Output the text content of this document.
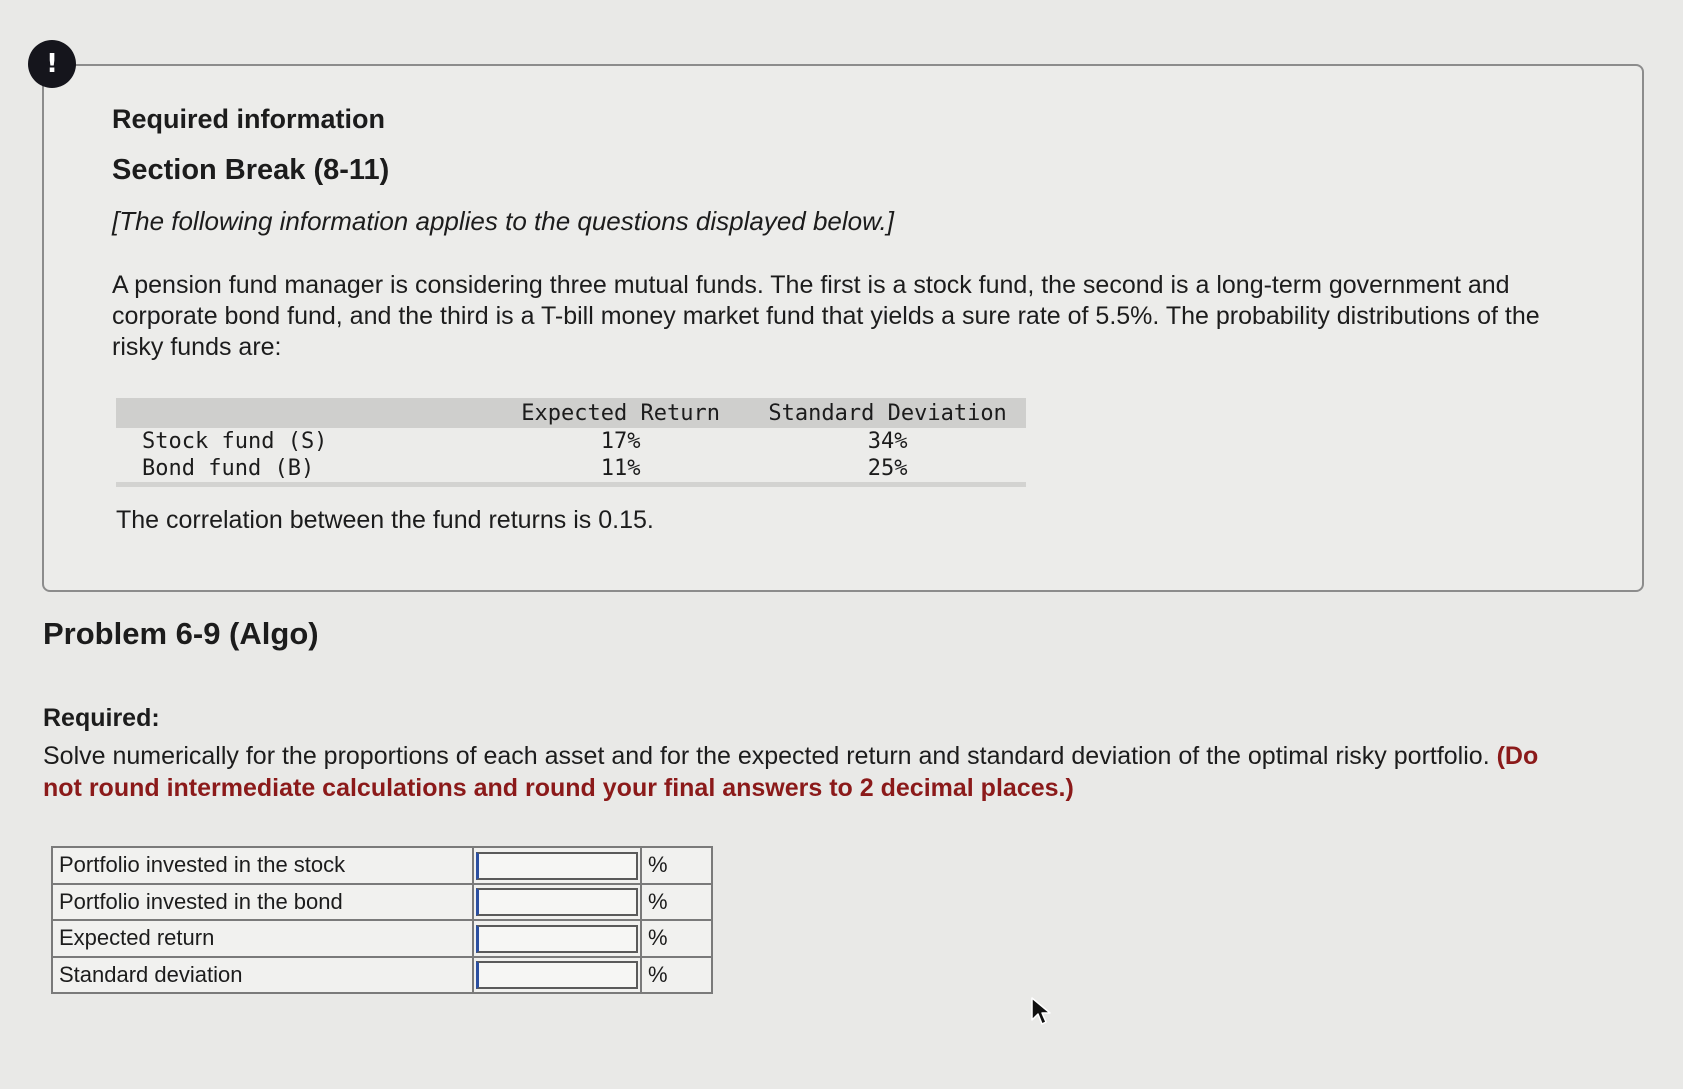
!
Required information
Section Break (8-11)

[The following information applies to the questions displayed below.]

A pension fund manager is considering three mutual funds. The first is a stock fund, the second is a long-term government and corporate bond fund, and the third is a T-bill money market fund that yields a sure rate of 5.5%. The probability distributions of the risky funds are:

	Expected Return	Standard Deviation
Stock fund (S)	17%	34%
Bond fund (B)	11%	25%

The correlation between the fund returns is 0.15.

Problem 6-9 (Algo)
Required:

Solve numerically for the proportions of each asset and for the expected return and standard deviation of the optimal risky portfolio. (Do not round intermediate calculations and round your final answers to 2 decimal places.)

Portfolio invested in the stock		%
Portfolio invested in the bond		%
Expected return		%
Standard deviation		%
